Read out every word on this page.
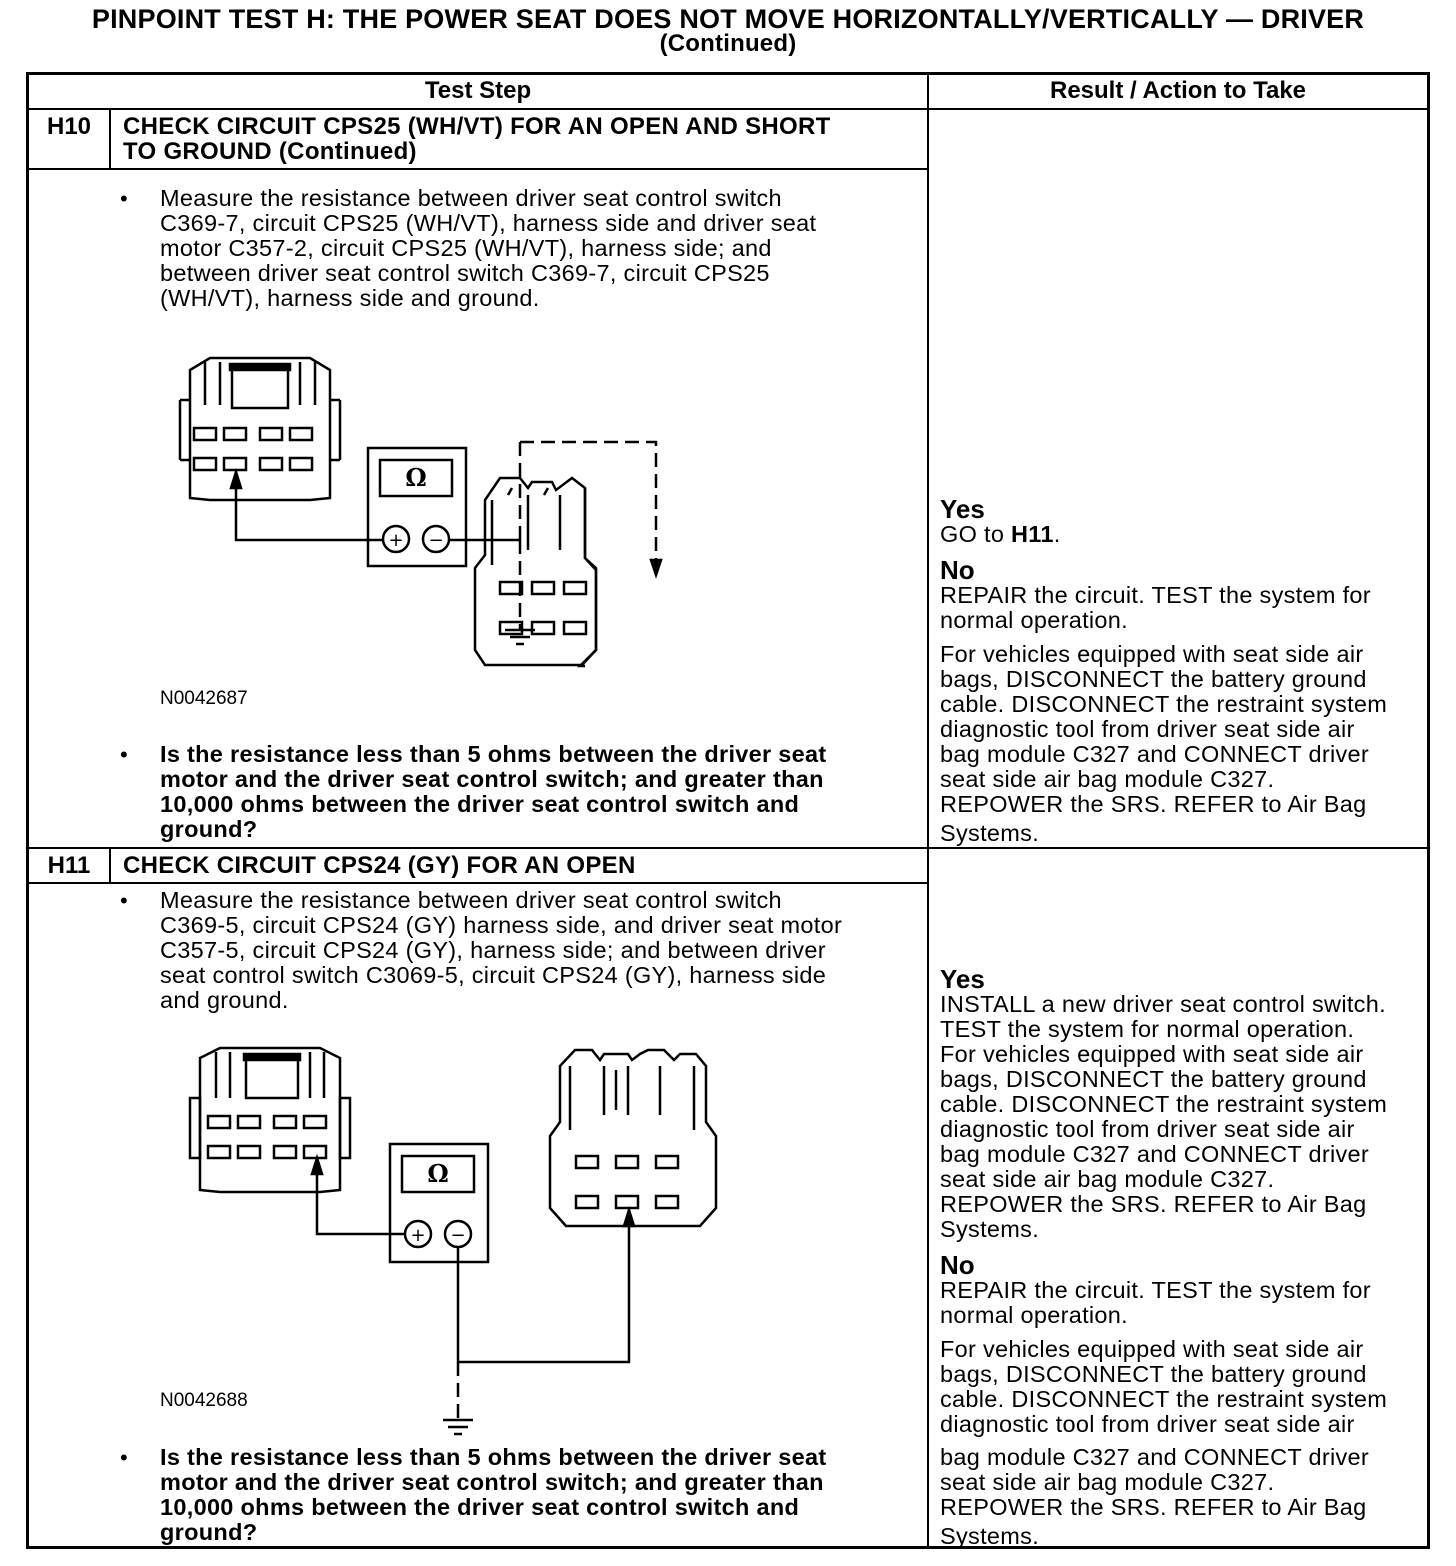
PINPOINT TEST H: THE POWER SEAT DOES NOT MOVE HORIZONTALLY/VERTICALLY — DRIVER
(Continued)
Test Step	Result / Action to Take
H10	CHECK CIRCUIT CPS25 (WH/VT) FOR AN OPEN AND SHORT
TO GROUND (Continued)
• Measure the resistance between driver seat control switch
C369-7, circuit CPS25 (WH/VT), harness side and driver seat
motor C357-2, circuit CPS25 (WH/VT), harness side; and
between driver seat control switch C369-7, circuit CPS25
(WH/VT), harness side and ground.
Ω
+ −
N0042687
• Is the resistance less than 5 ohms between the driver seat
motor and the driver seat control switch; and greater than
10,000 ohms between the driver seat control switch and
ground?
Yes
GO to H11.
No
REPAIR the circuit. TEST the system for
normal operation.
For vehicles equipped with seat side air
bags, DISCONNECT the battery ground
cable. DISCONNECT the restraint system
diagnostic tool from driver seat side air
bag module C327 and CONNECT driver
seat side air bag module C327.
REPOWER the SRS. REFER to Air Bag
Systems.
H11	CHECK CIRCUIT CPS24 (GY) FOR AN OPEN
• Measure the resistance between driver seat control switch
C369-5, circuit CPS24 (GY) harness side, and driver seat motor
C357-5, circuit CPS24 (GY), harness side; and between driver
seat control switch C3069-5, circuit CPS24 (GY), harness side
and ground.
Ω
+ −
N0042688
• Is the resistance less than 5 ohms between the driver seat
motor and the driver seat control switch; and greater than
10,000 ohms between the driver seat control switch and
ground?
Yes
INSTALL a new driver seat control switch.
TEST the system for normal operation.
For vehicles equipped with seat side air
bags, DISCONNECT the battery ground
cable. DISCONNECT the restraint system
diagnostic tool from driver seat side air
bag module C327 and CONNECT driver
seat side air bag module C327.
REPOWER the SRS. REFER to Air Bag
Systems.
No
REPAIR the circuit. TEST the system for
normal operation.
For vehicles equipped with seat side air
bags, DISCONNECT the battery ground
cable. DISCONNECT the restraint system
diagnostic tool from driver seat side air
bag module C327 and CONNECT driver
seat side air bag module C327.
REPOWER the SRS. REFER to Air Bag
Systems.
